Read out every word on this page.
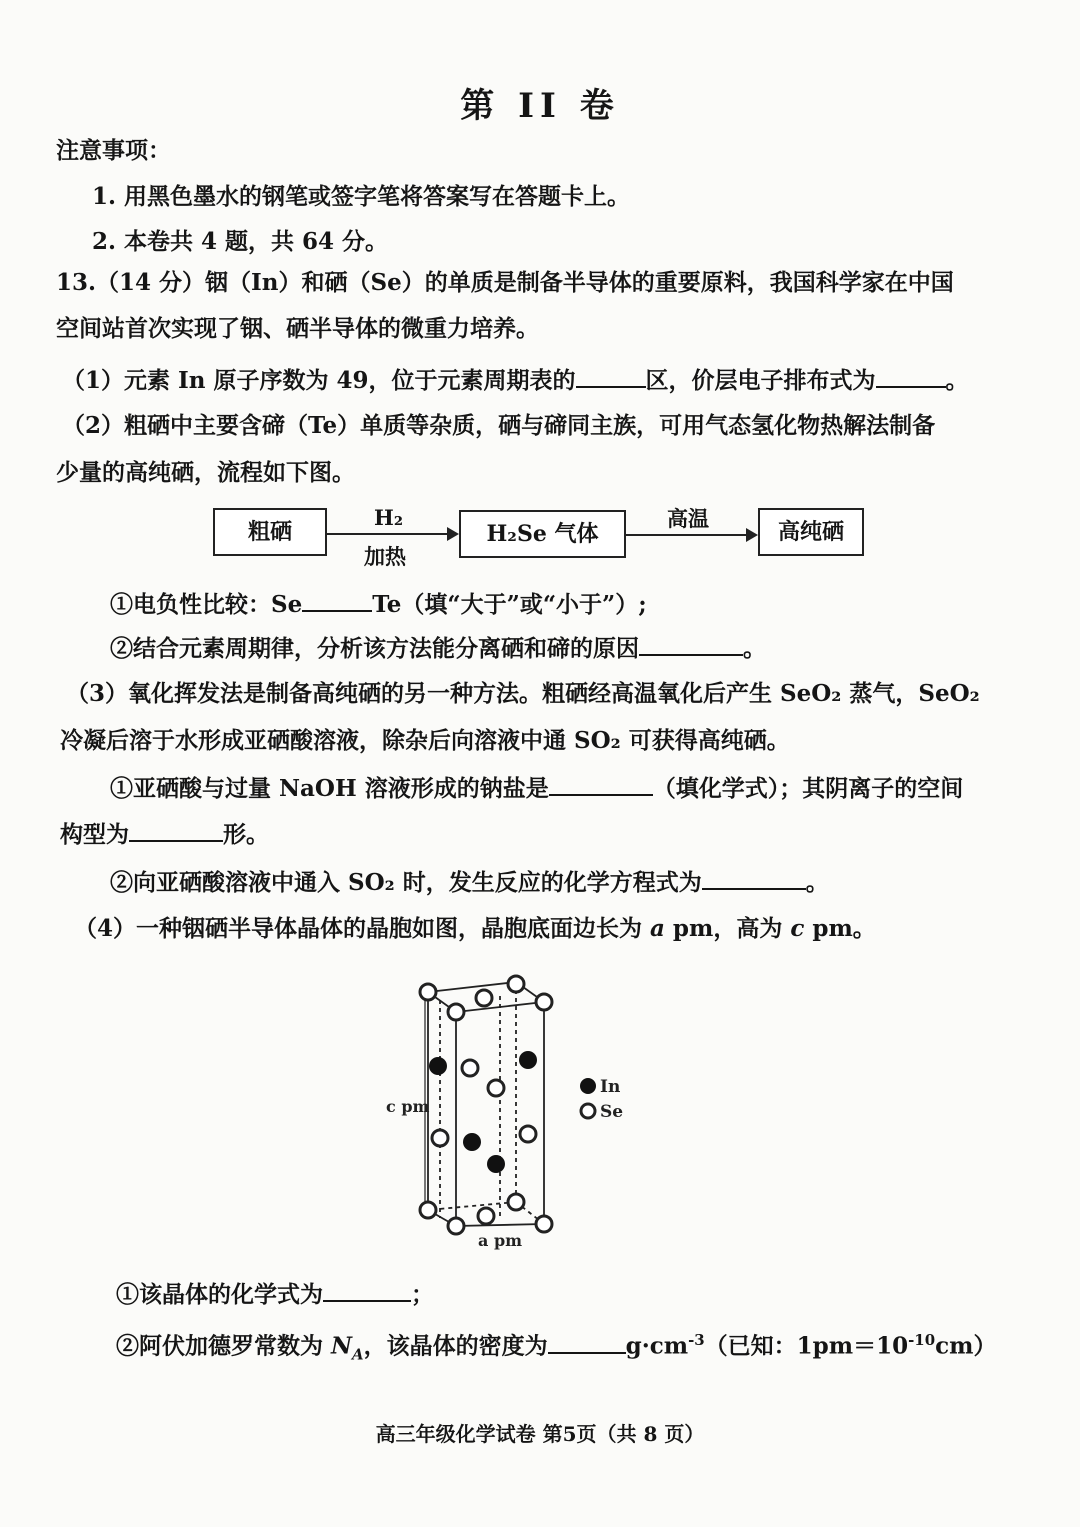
第 II 卷
注意事项：
1. 用黑色墨水的钢笔或签字笔将答案写在答题卡上。
2. 本卷共 4 题，共 64 分。
13.（14 分）铟（In）和硒（Se）的单质是制备半导体的重要原料，我国科学家在中国
空间站首次实现了铟、硒半导体的微重力培养。
（1）元素 In 原子序数为 49，位于元素周期表的	区，价层电子排布式为	。
（2）粗硒中主要含碲（Te）单质等杂质，硒与碲同主族，可用气态氢化物热解法制备
少量的高纯硒，流程如下图。
粗硒
H₂
加热
H₂Se 气体
高温
高纯硒
①电负性比较：Se	Te（填“大于”或“小于”）;
②结合元素周期律，分析该方法能分离硒和碲的原因	。
（3）氧化挥发法是制备高纯硒的另一种方法。粗硒经高温氧化后产生 SeO₂ 蒸气，SeO₂
冷凝后溶于水形成亚硒酸溶液，除杂后向溶液中通 SO₂ 可获得高纯硒。
①亚硒酸与过量 NaOH 溶液形成的钠盐是	（填化学式）；其阴离子的空间
构型为	形。
②向亚硒酸溶液中通入 SO₂ 时，发生反应的化学方程式为	。
（4）一种铟硒半导体晶体的晶胞如图，晶胞底面边长为 a pm，高为 c pm。
c pm
a pm
In
Se
①该晶体的化学式为	；
②阿伏加德罗常数为 $N_A$，该晶体的密度为	$g\cdot cm^{-3}$（已知：$1pm=10^{-10}cm$）
高三年级化学试卷 第5页（共 8 页）
